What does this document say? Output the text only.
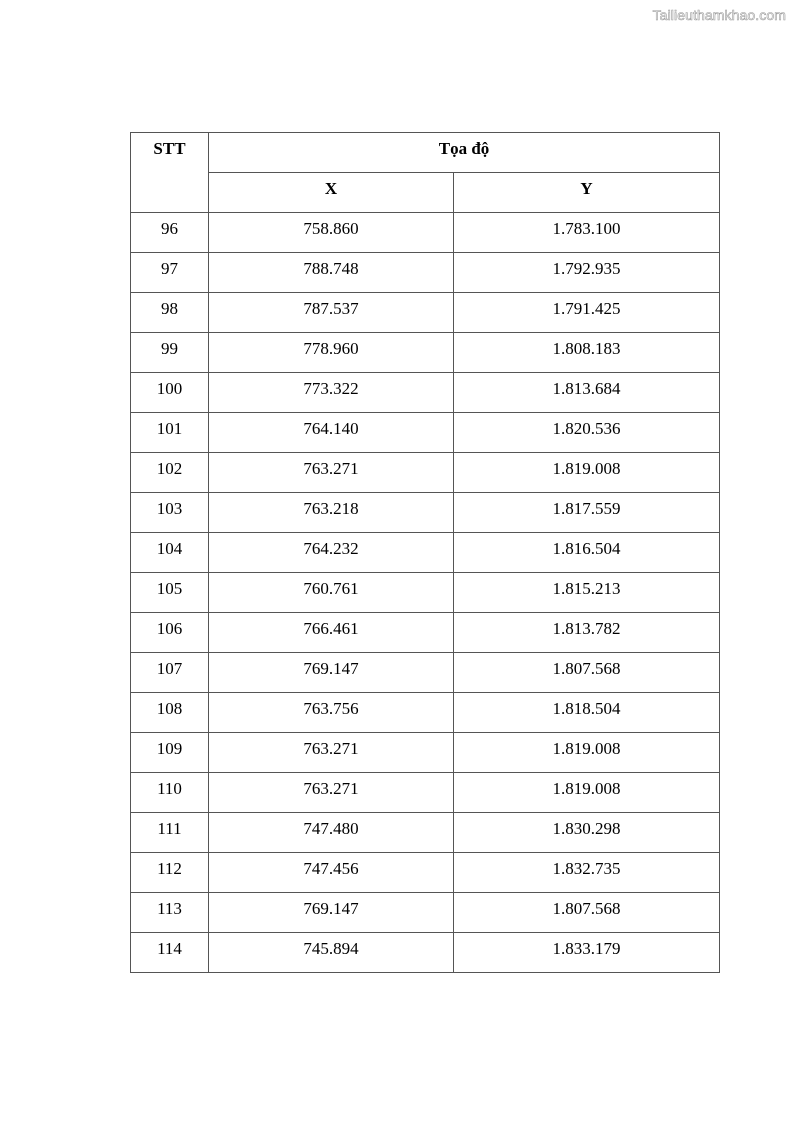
Tailieuthamkhao.com
STT	Tọa độ	
	X	Y
96	758.860	1.783.100
97	788.748	1.792.935
98	787.537	1.791.425
99	778.960	1.808.183
100	773.322	1.813.684
101	764.140	1.820.536
102	763.271	1.819.008
103	763.218	1.817.559
104	764.232	1.816.504
105	760.761	1.815.213
106	766.461	1.813.782
107	769.147	1.807.568
108	763.756	1.818.504
109	763.271	1.819.008
110	763.271	1.819.008
111	747.480	1.830.298
112	747.456	1.832.735
113	769.147	1.807.568
114	745.894	1.833.179
